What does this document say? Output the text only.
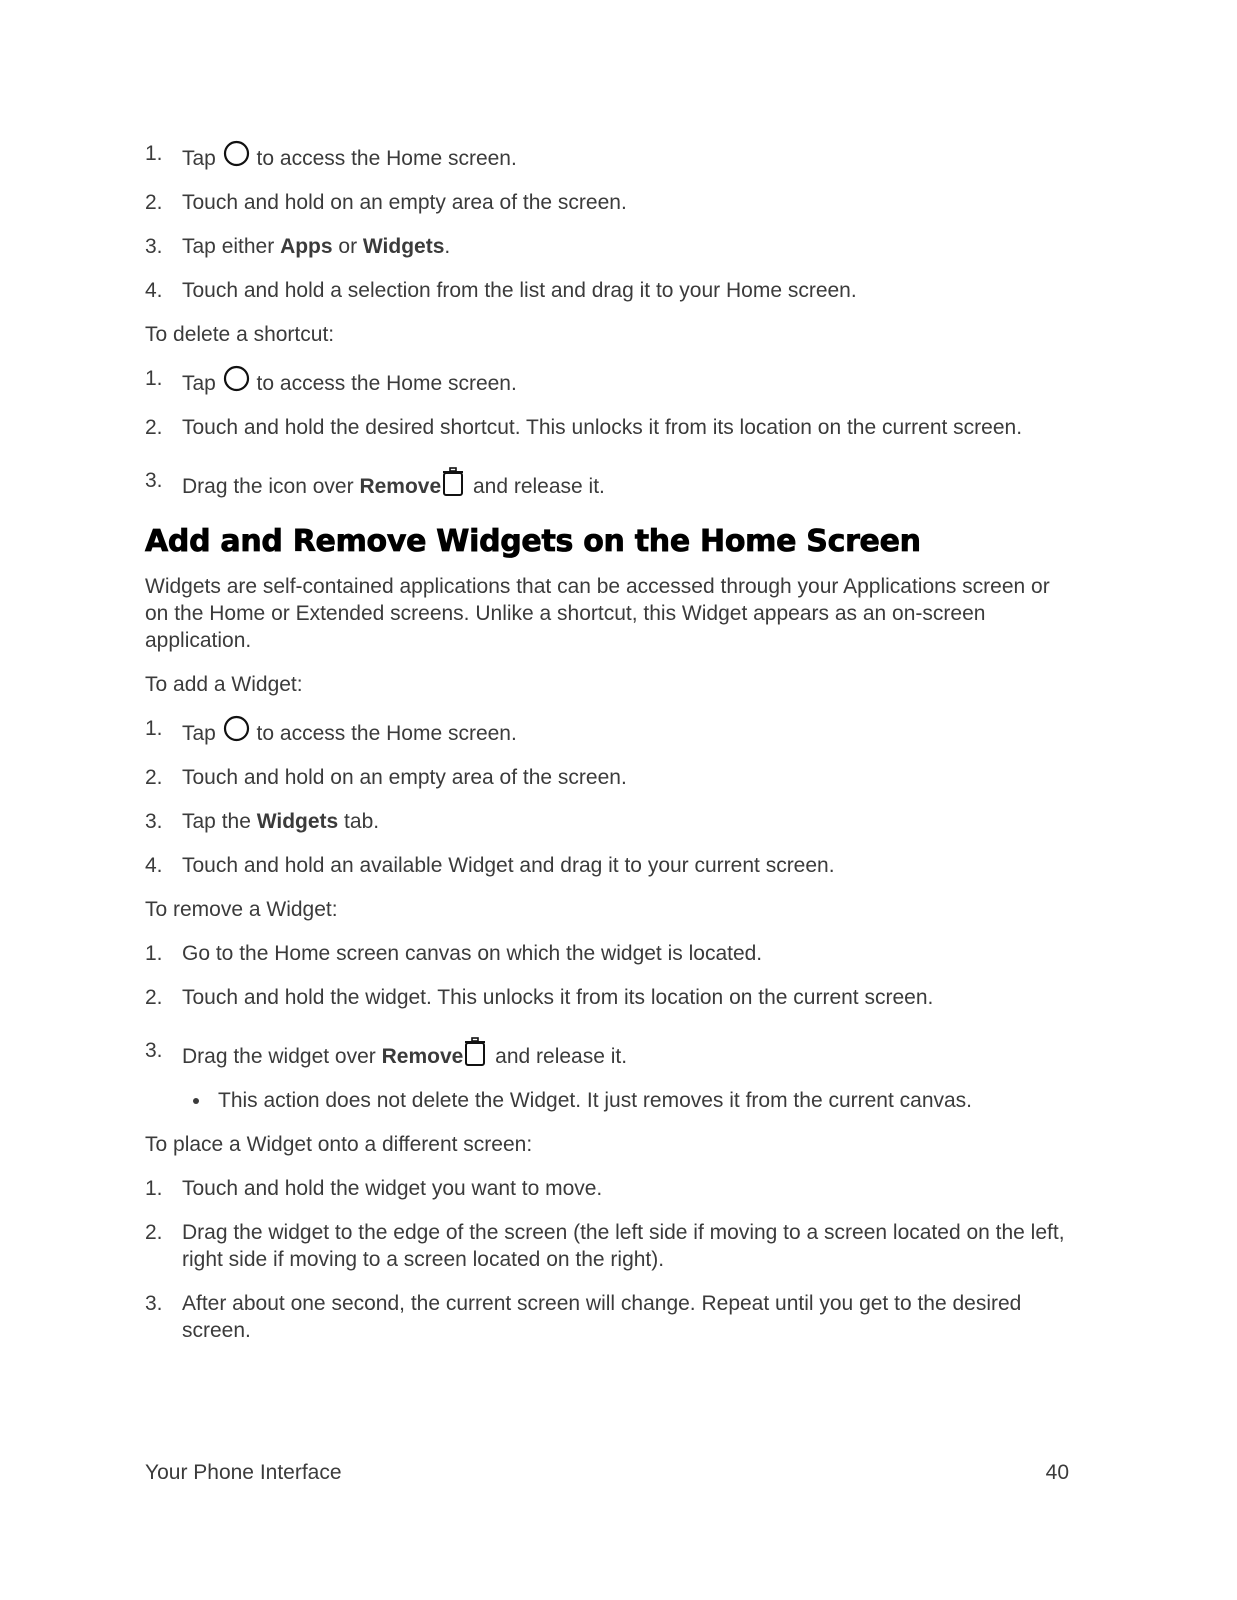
1. Tap  to access the Home screen.
2. Touch and hold on an empty area of the screen.
3. Tap either Apps or Widgets.
4. Touch and hold a selection from the list and drag it to your Home screen.
To delete a shortcut:
1. Tap  to access the Home screen.
2. Touch and hold the desired shortcut. This unlocks it from its location on the current screen.
3. Drag the icon over Remove and release it.
Add and Remove Widgets on the Home Screen
Widgets are self-contained applications that can be accessed through your Applications screen or on the Home or Extended screens. Unlike a shortcut, this Widget appears as an on-screen application.
To add a Widget:
1. Tap  to access the Home screen.
2. Touch and hold on an empty area of the screen.
3. Tap the Widgets tab.
4. Touch and hold an available Widget and drag it to your current screen.
To remove a Widget:
1. Go to the Home screen canvas on which the widget is located.
2. Touch and hold the widget. This unlocks it from its location on the current screen.
3. Drag the widget over Remove and release it.
This action does not delete the Widget. It just removes it from the current canvas.
To place a Widget onto a different screen:
1. Touch and hold the widget you want to move.
2. Drag the widget to the edge of the screen (the left side if moving to a screen located on the left, right side if moving to a screen located on the right).
3. After about one second, the current screen will change. Repeat until you get to the desired screen.
Your Phone Interface	40
